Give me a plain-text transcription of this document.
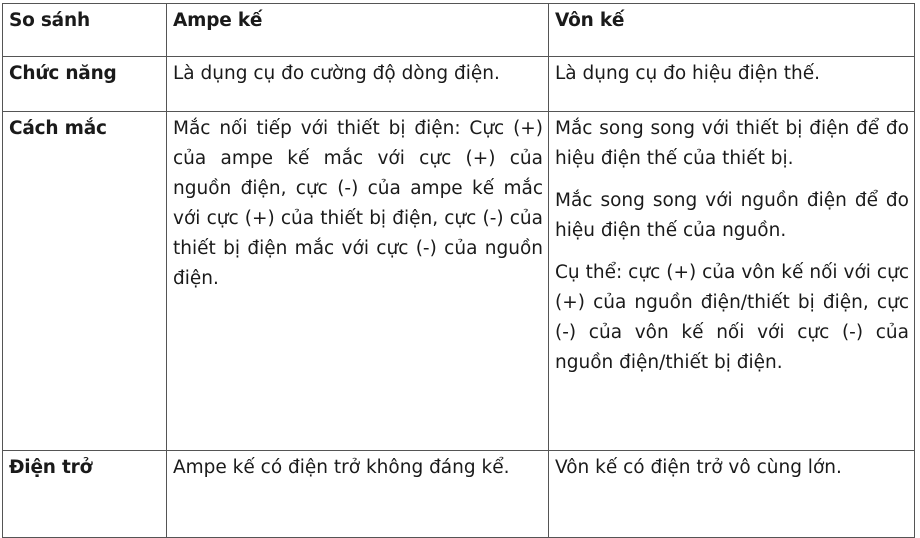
So sánh	Ampe kế	Vôn kế
Chức năng	Là dụng cụ đo cường độ dòng điện.	Là dụng cụ đo hiệu điện thế.

Cách mắc	Mắc nối tiếp với thiết bị điện: Cực (+) của ampe kế mắc với cực (+) của nguồn điện, cực (-) của ampe kế mắc với cực (+) của thiết bị điện, cực (-) của thiết bị điện mắc với cực (-) của nguồn điện.	Mắc song song với thiết bị điện để đo hiệu điện thế của thiết bị.

Mắc song song với nguồn điện để đo hiệu điện thế của nguồn.

Cụ thể: cực (+) của vôn kế nối với cực (+) của nguồn điện/thiết bị điện, cực (-) của vôn kế nối với cực (-) của nguồn điện/thiết bị điện.

Điện trở	Ampe kế có điện trở không đáng kể.	Vôn kế có điện trở vô cùng lớn.
